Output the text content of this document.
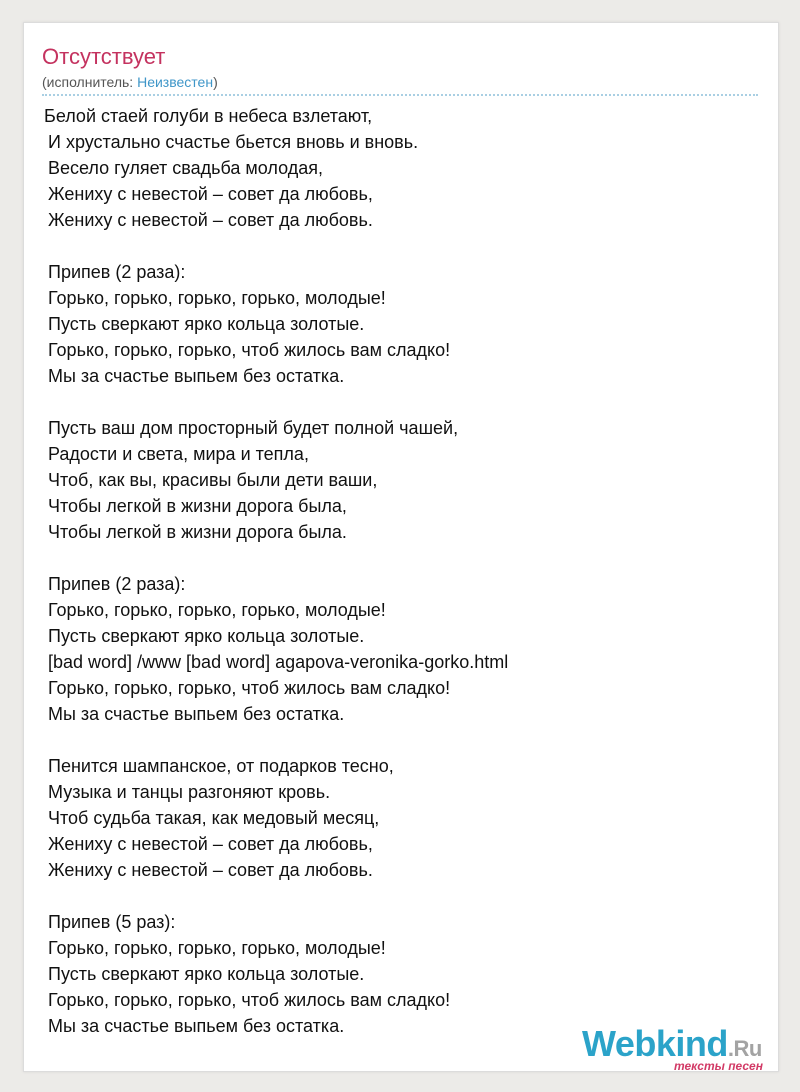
Отсутствует
(исполнитель: Неизвестен)
Белой стаей голуби в небеса взлетают,
И хрустально счастье бьется вновь и вновь.
Весело гуляет свадьба молодая,
Жениху с невестой – совет да любовь,
Жениху с невестой – совет да любовь.
Припев (2 раза):
Горько, горько, горько, горько, молодые!
Пусть сверкают ярко кольца золотые.
Горько, горько, горько, чтоб жилось вам сладко!
Мы за счастье выпьем без остатка.
Пусть ваш дом просторный будет полной чашей,
Радости и света, мира и тепла,
Чтоб, как вы, красивы были дети ваши,
Чтобы легкой в жизни дорога была,
Чтобы легкой в жизни дорога была.
Припев (2 раза):
Горько, горько, горько, горько, молодые!
Пусть сверкают ярко кольца золотые.
[bad word] /www [bad word] agapova-veronika-gorko.html
Горько, горько, горько, чтоб жилось вам сладко!
Мы за счастье выпьем без остатка.
Пенится шампанское, от подарков тесно,
Музыка и танцы разгоняют кровь.
Чтоб судьба такая, как медовый месяц,
Жениху с невестой – совет да любовь,
Жениху с невестой – совет да любовь.
Припев (5 раз):
Горько, горько, горько, горько, молодые!
Пусть сверкают ярко кольца золотые.
Горько, горько, горько, чтоб жилось вам сладко!
Мы за счастье выпьем без остатка.	Webkind.Ru
тексты песен
